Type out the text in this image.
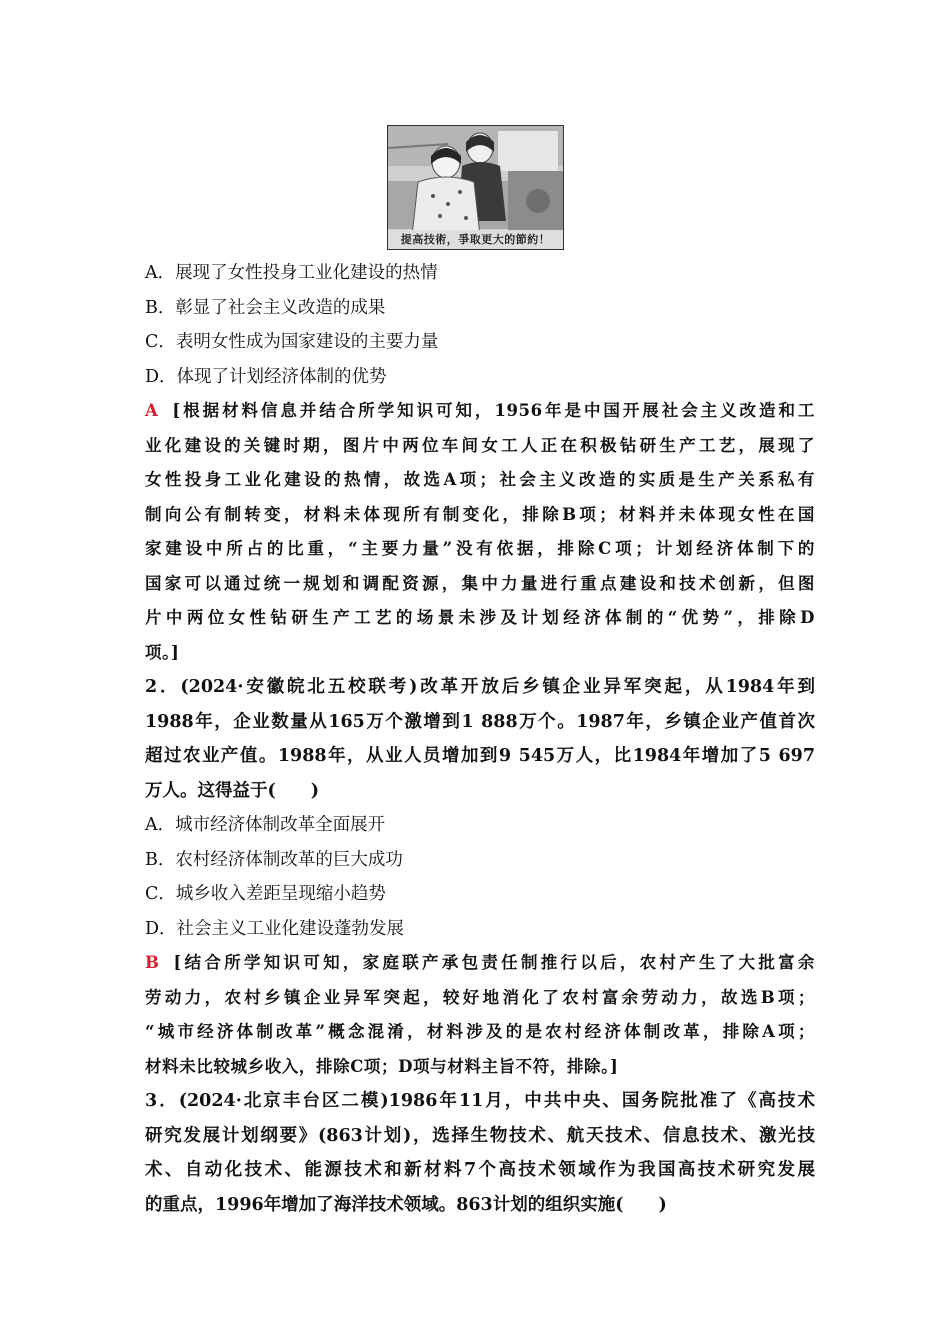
提高技術，爭取更大的節約！
A．展现了女性投身工业化建设的热情
B．彰显了社会主义改造的成果
C．表明女性成为国家建设的主要力量
D．体现了计划经济体制的优势
A [根据材料信息并结合所学知识可知，1956年是中国开展社会主义改造和工
业化建设的关键时期，图片中两位车间女工人正在积极钻研生产工艺，展现了
女性投身工业化建设的热情，故选A项；社会主义改造的实质是生产关系私有
制向公有制转变，材料未体现所有制变化，排除B项；材料并未体现女性在国
家建设中所占的比重，“主要力量”没有依据，排除C项；计划经济体制下的
国家可以通过统一规划和调配资源，集中力量进行重点建设和技术创新，但图
片中两位女性钻研生产工艺的场景未涉及计划经济体制的“优势”，排除D
项。]
2．(2024·安徽皖北五校联考)改革开放后乡镇企业异军突起，从1984年到
1988年，企业数量从165万个激增到1 888万个。1987年，乡镇企业产值首次
超过农业产值。1988年，从业人员增加到9 545万人，比1984年增加了5 697
万人。这得益于(　　)
A．城市经济体制改革全面展开
B．农村经济体制改革的巨大成功
C．城乡收入差距呈现缩小趋势
D．社会主义工业化建设蓬勃发展
B [结合所学知识可知，家庭联产承包责任制推行以后，农村产生了大批富余
劳动力，农村乡镇企业异军突起，较好地消化了农村富余劳动力，故选B项；
“城市经济体制改革”概念混淆，材料涉及的是农村经济体制改革，排除A项；
材料未比较城乡收入，排除C项；D项与材料主旨不符，排除。]
3．(2024·北京丰台区二模)1986年11月，中共中央、国务院批准了《高技术
研究发展计划纲要》(863计划)，选择生物技术、航天技术、信息技术、激光技
术、自动化技术、能源技术和新材料7个高技术领域作为我国高技术研究发展
的重点，1996年增加了海洋技术领域。863计划的组织实施(　　)
